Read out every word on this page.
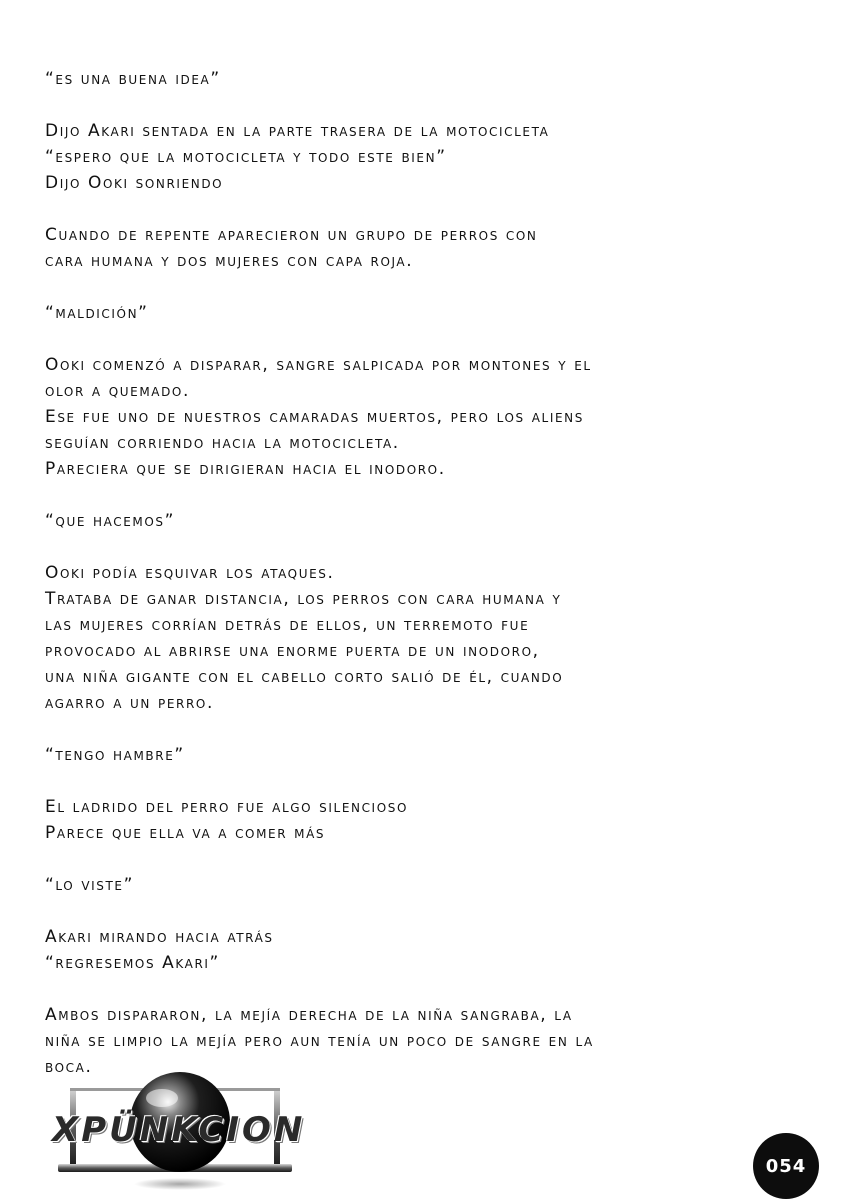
“es una buena idea”
Dijo Akari sentada en la parte trasera de la motocicleta
“espero que la motocicleta y todo este bien”
Dijo Ooki sonriendo
Cuando de repente aparecieron un grupo de perros con
cara humana y dos mujeres con capa roja.
“maldición”
Ooki comenzó a disparar, sangre salpicada por montones y el
olor a quemado.
Ese fue uno de nuestros camaradas muertos, pero los aliens
seguían corriendo hacia la motocicleta.
Pareciera que se dirigieran hacia el inodoro.
“que hacemos”
Ooki podía esquivar los ataques.
Trataba de ganar distancia, los perros con cara humana y
las mujeres corrían detrás de ellos, un terremoto fue
provocado al abrirse una enorme puerta de un inodoro,
una niña gigante con el cabello corto salió de él, cuando
agarro a un perro.
“tengo hambre”
El ladrido del perro fue algo silencioso
Parece que ella va a comer más
“lo viste”
Akari mirando hacia atrás
“regresemos Akari”
Ambos dispararon, la mejía derecha de la niña sangraba, la
niña se limpio la mejía pero aun tenía un poco de sangre en la
boca.
XPÜNKCION
054
